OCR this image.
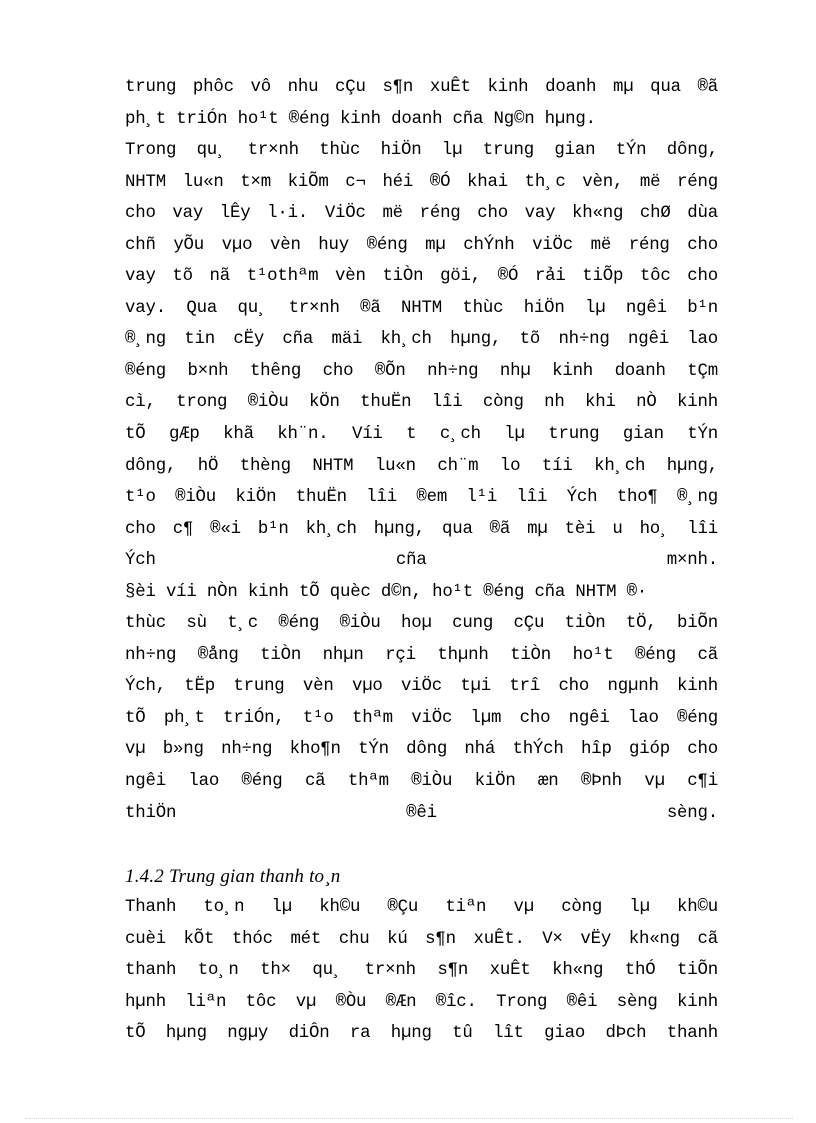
trung phôc vô nhu cÇu s¶n xuÊt kinh doanh mµ qua ®ã
ph¸t triÓn ho¹t ®éng kinh doanh cña Ng©n hµng.
Trong qu¸ tr×nh thùc hiÖn lµ trung gian tÝn dông,
NHTM lu«n t×m kiÕm c¬ héi ®Ó khai th¸c vèn, më réng
cho vay lÊy l·i. ViÖc më réng cho vay kh«ng chØ dùa
chñ yÕu vµo vèn huy ®éng mµ chÝnh viÖc më réng cho
vay tõ nã t¹othªm vèn tiÒn göi, ®Ó rải tiÕp tôc cho
vay. Qua qu¸ tr×nh ®ã NHTM thùc hiÖn lµ ngêi b¹n
®¸ng tin cËy cña mäi kh¸ch hµng, tõ nh÷ng ngêi lao
®éng b×nh thêng cho ®Õn nh÷ng nhµ kinh doanh tÇm
cì, trong ®iÒu kÖn thuËn lîi còng nh khi nÒ kinh
tÕ gÆp khã kh¨n. Víi t c¸ch lµ trung gian tÝn
dông, hÖ thèng NHTM lu«n ch¨m lo tíi kh¸ch hµng,
t¹o ®iÒu kiÖn thuËn lîi ®em l¹i lîi Ých tho¶ ®¸ng
cho c¶ ®«i b¹n kh¸ch hµng, qua ®ã mµ tèi u ho¸ lîi
Ých cña m×nh.
§èi víi nÒn kinh tÕ quèc d©n, ho¹t ®éng cña NHTM ®·
thùc sù t¸c ®éng ®iÒu hoµ cung cÇu tiÒn tÖ, biÕn
nh÷ng ®ång tiÒn nhµn rçi thµnh tiÒn ho¹t ®éng cã
Ých, tËp trung vèn vµo viÖc tµi trî cho ngµnh kinh
tÕ ph¸t triÓn, t¹o thªm viÖc lµm cho ngêi lao ®éng
vµ b»ng nh÷ng kho¶n tÝn dông nhá thÝch hîp gióp cho
ngêi lao ®éng cã thªm ®iÒu kiÖn æn ®Þnh vµ c¶i
thiÖn ®êi sèng.
1.4.2 Trung gian thanh to¸n
Thanh to¸n lµ kh©u ®Çu tiªn vµ còng lµ kh©u
cuèi kÕt thóc mét chu kú s¶n xuÊt. V× vËy kh«ng cã
thanh to¸n th× qu¸ tr×nh s¶n xuÊt kh«ng thÓ tiÕn
hµnh liªn tôc vµ ®Òu ®Æn ®îc. Trong ®êi sèng kinh
tÕ hµng ngµy diÔn ra hµng tû lît giao dÞch thanh
